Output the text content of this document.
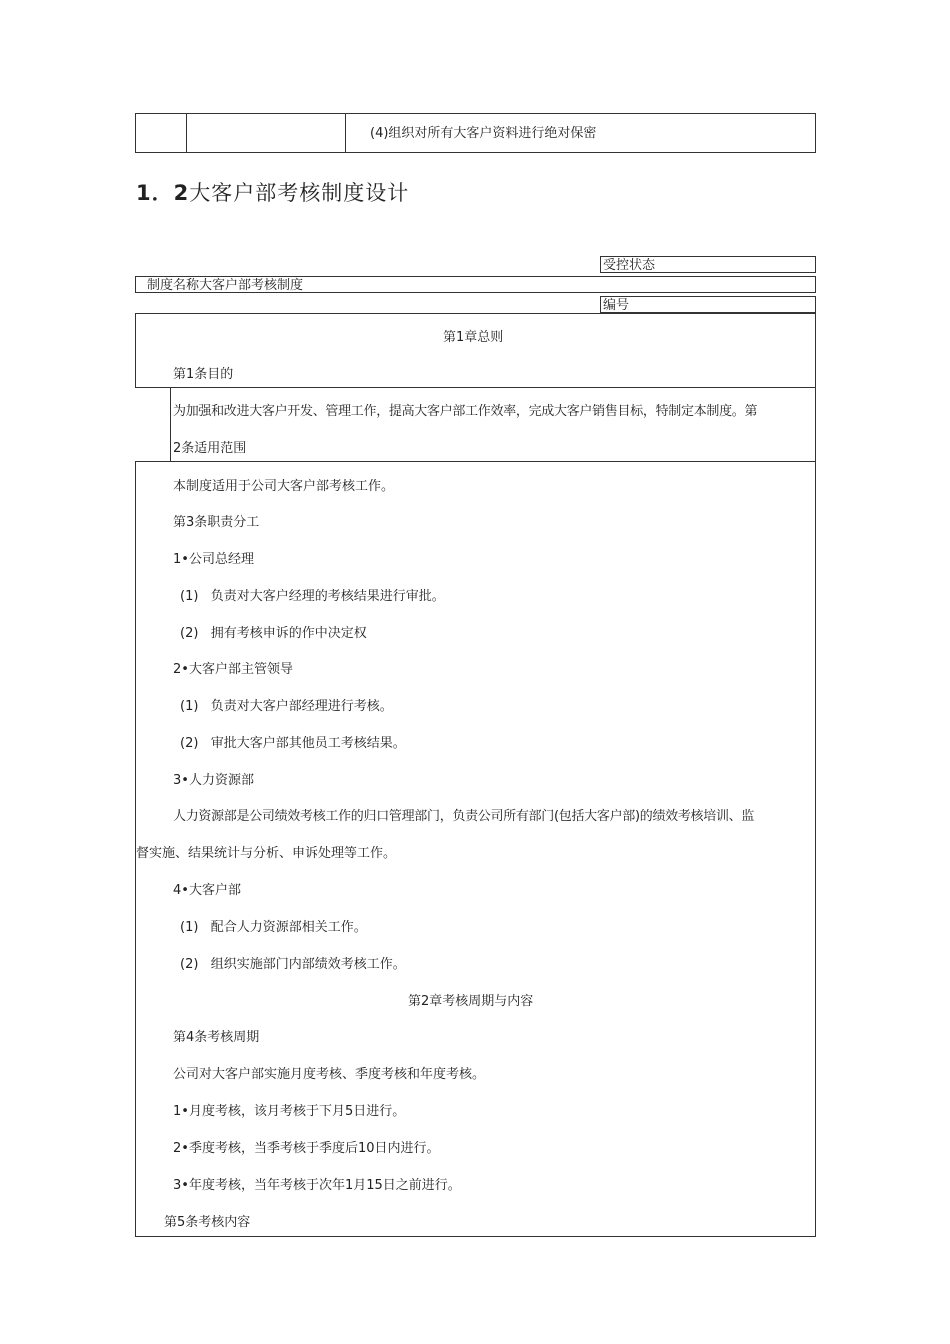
(4)组织对所有大客户资料进行绝对保密
1．2大客户部考核制度设计
受控状态
制度名称大客户部考核制度
编号
第1章总则
第1条目的
为加强和改进大客户开发、管理工作，提高大客户部工作效率，完成大客户销售目标，特制定本制度。第
2条适用范围
本制度适用于公司大客户部考核工作。
第3条职责分工
1•公司总经理
(1)   负责对大客户经理的考核结果进行审批。
(2)   拥有考核申诉的作中决定权
2•大客户部主管领导
(1)   负责对大客户部经理进行考核。
(2)   审批大客户部其他员工考核结果。
3•人力资源部
人力资源部是公司绩效考核工作的归口管理部门，负责公司所有部门(包括大客户部)的绩效考核培训、监
督实施、结果统计与分析、申诉处理等工作。
4•大客户部
(1)   配合人力资源部相关工作。
(2)   组织实施部门内部绩效考核工作。
第2章考核周期与内容
第4条考核周期
公司对大客户部实施月度考核、季度考核和年度考核。
1•月度考核，该月考核于下月5日进行。
2•季度考核，当季考核于季度后10日内进行。
3•年度考核，当年考核于次年1月15日之前进行。
第5条考核内容
